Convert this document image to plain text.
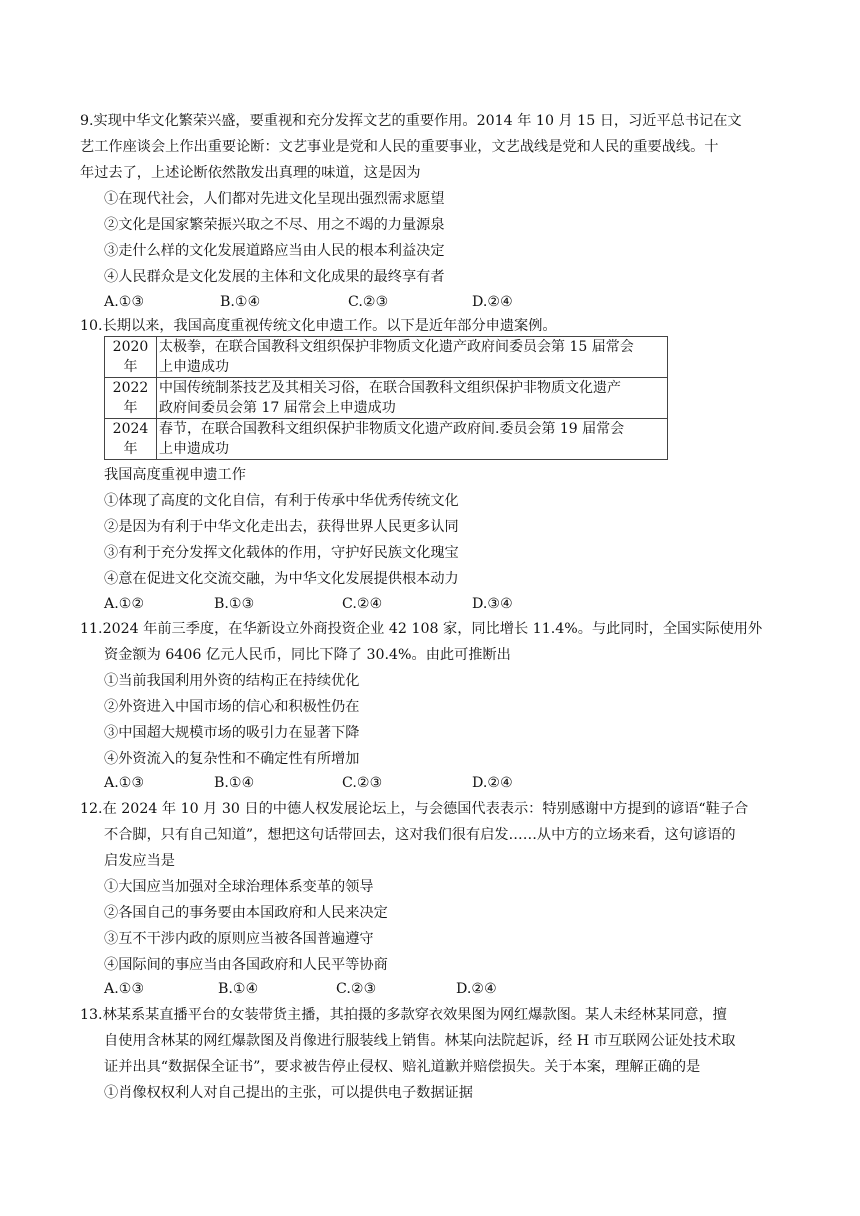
9.实现中华文化繁荣兴盛，要重视和充分发挥文艺的重要作用。2014 年 10 月 15 日，习近平总书记在文
艺工作座谈会上作出重要论断：文艺事业是党和人民的重要事业，文艺战线是党和人民的重要战线。十
年过去了，上述论断依然散发出真理的味道，这是因为
①在现代社会，人们都对先进文化呈现出强烈需求愿望
②文化是国家繁荣振兴取之不尽、用之不竭的力量源泉
③走什么样的文化发展道路应当由人民的根本利益决定
④人民群众是文化发展的主体和文化成果的最终享有者
A.①③	B.①④	C.②③	D.②④
10.长期以来，我国高度重视传统文化申遗工作。以下是近年部分申遗案例。
2020 年	太极拳，在联合国教科文组织保护非物质文化遗产政府间委员会第 15 届常会
上申遗成功
2022
年	中国传统制茶技艺及其相关习俗，在联合国教科文组织保护非物质文化遗产
政府间委员会第 17 届常会上申遗成功
2024
年	春节，在联合国教科文组织保护非物质文化遗产政府间.委员会第 19 届常会
上申遗成功
我国高度重视申遗工作
①体现了高度的文化自信，有利于传承中华优秀传统文化
②是因为有利于中华文化走出去，获得世界人民更多认同
③有利于充分发挥文化载体的作用，守护好民族文化瑰宝
④意在促进文化交流交融，为中华文化发展提供根本动力
A.①②	B.①③	C.②④	D.③④
11.2024 年前三季度，在华新设立外商投资企业 42 108 家，同比增长 11.4%。与此同时，全国实际使用外
资金额为 6406 亿元人民币，同比下降了 30.4%。由此可推断出
①当前我国利用外资的结构正在持续优化
②外资进入中国市场的信心和积极性仍在
③中国超大规模市场的吸引力在显著下降
④外资流入的复杂性和不确定性有所增加
A.①③	B.①④	C.②③	D.②④
12.在 2024 年 10 月 30 日的中德人权发展论坛上，与会德国代表表示：特别感谢中方提到的谚语“鞋子合
不合脚，只有自己知道”，想把这句话带回去，这对我们很有启发……从中方的立场来看，这句谚语的
启发应当是
①大国应当加强对全球治理体系变革的领导
②各国自己的事务要由本国政府和人民来决定
③互不干涉内政的原则应当被各国普遍遵守
④国际间的事应当由各国政府和人民平等协商
A.①③	B.①④	C.②③	D.②④
13.林某系某直播平台的女装带货主播，其拍摄的多款穿衣效果图为网红爆款图。某人未经林某同意，擅
自使用含林某的网红爆款图及肖像进行服装线上销售。林某向法院起诉，经 H 市互联网公证处技术取
证并出具“数据保全证书”，要求被告停止侵权、赔礼道歉并赔偿损失。关于本案，理解正确的是
①肖像权权利人对自己提出的主张，可以提供电子数据证据
